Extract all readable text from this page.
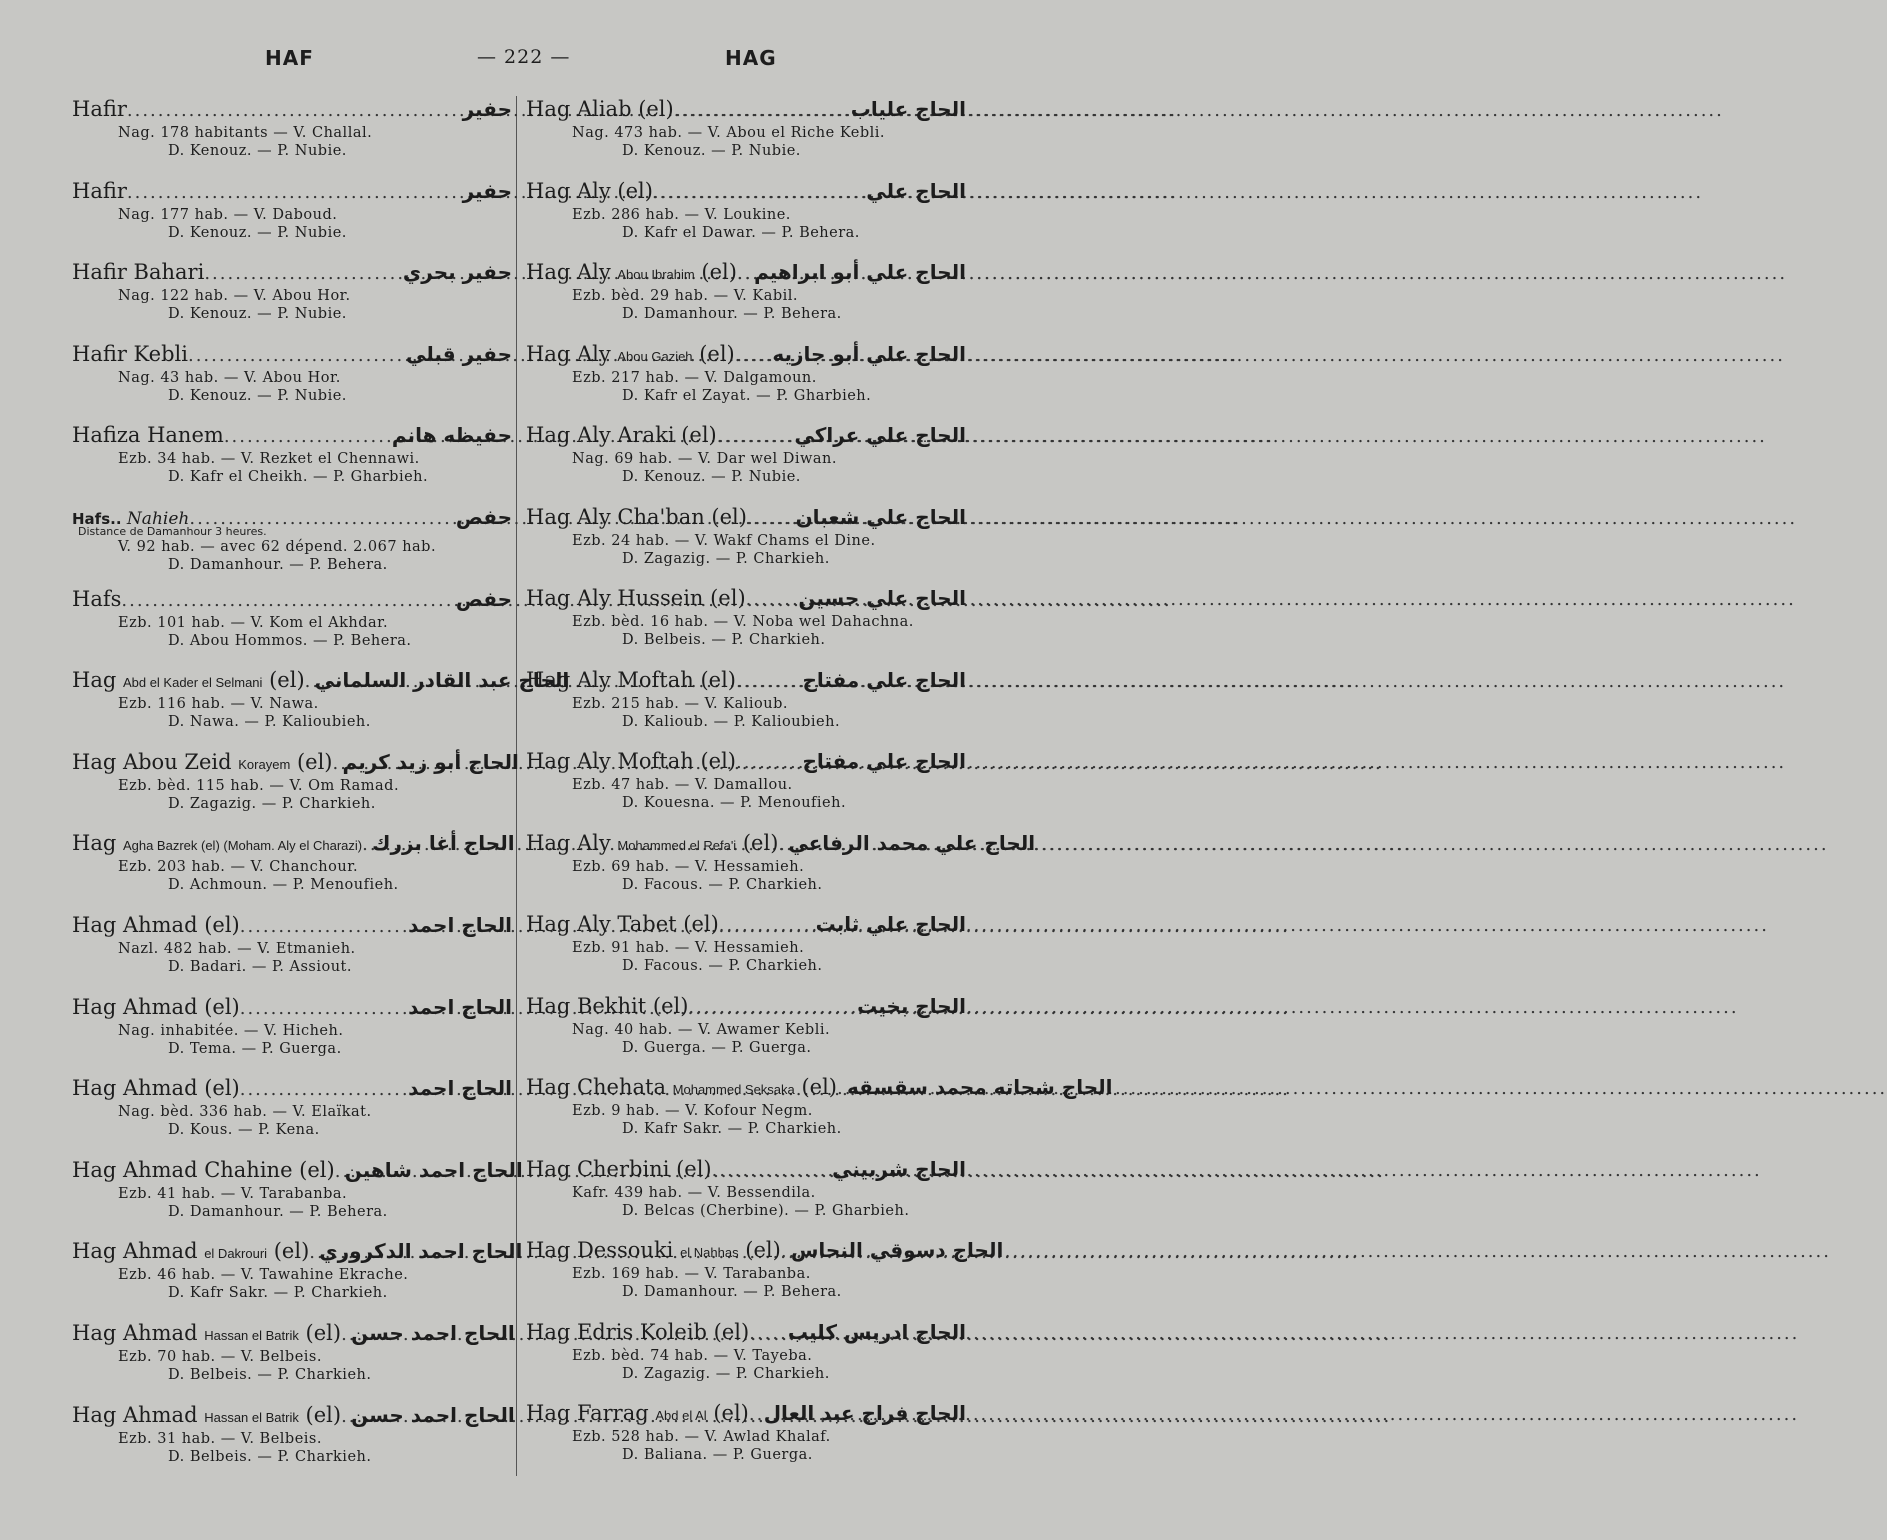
HAF	— 222 —	HAG
Hafir .....	حفير
Nag. 178 habitants — V. Challal.
D. Kenouz. — P. Nubie.
Hafir .....	حفير
Nag. 177 hab. — V. Daboud.
D. Kenouz. — P. Nubie.
Hafir Bahari .....	حفير بحري
Nag. 122 hab. — V. Abou Hor.
D. Kenouz. — P. Nubie.
Hafir Kebli .....	حفير قبلي
Nag. 43 hab. — V. Abou Hor.
D. Kenouz. — P. Nubie.
Hafiza Hanem .....	حفيظه هانم
Ezb. 34 hab. — V. Rezket el Chennawi.
D. Kafr el Cheikh. — P. Gharbieh.
Hafs.. Nahieh .....	حفص
Distance de Damanhour 3 heures.
V. 92 hab. — avec 62 dépend. 2.067 hab.
D. Damanhour. — P. Behera.
Hafs .....	حفص
Ezb. 101 hab. — V. Kom el Akhdar.
D. Abou Hommos. — P. Behera.
Hag Abd el Kader el Selmani (el) ..... الحاج عبد القادر السلماني
Ezb. 116 hab. — V. Nawa.
D. Nawa. — P. Kalioubieh.
Hag Abou Zeid Korayem (el) ..... الحاج أبو زيد كريم
Ezb. bèd. 115 hab. — V. Om Ramad.
D. Zagazig. — P. Charkieh.
Hag Agha Bazrek (el) (Moham. Aly el Charazi) ..... الحاج أغا بزرك
Ezb. 203 hab. — V. Chanchour.
D. Achmoun. — P. Menoufieh.
Hag Ahmad (el) .....	الحاج احمد
Nazl. 482 hab. — V. Etmanieh.
D. Badari. — P. Assiout.
Hag Ahmad (el) .....	الحاج احمد
Nag. inhabitée. — V. Hicheh.
D. Tema. — P. Guerga.
Hag Ahmad (el) .....	الحاج احمد
Nag. bèd. 336 hab. — V. Elaïkat.
D. Kous. — P. Kena.
Hag Ahmad Chahine (el) ..... الحاج احمد شاهين
Ezb. 41 hab. — V. Tarabanba.
D. Damanhour. — P. Behera.
Hag Ahmad el Dakrouri (el) ..... الحاج احمد الدكروري
Ezb. 46 hab. — V. Tawahine Ekrache.
D. Kafr Sakr. — P. Charkieh.
Hag Ahmad Hassan el Batrik (el) ..... الحاج احمد حسن
Ezb. 70 hab. — V. Belbeis.
D. Belbeis. — P. Charkieh.
Hag Ahmad Hassan el Batrik (el) ..... الحاج احمد حسن
Ezb. 31 hab. — V. Belbeis.
D. Belbeis. — P. Charkieh.
Hag Aliab (el) .....	الحاج علياب
Nag. 473 hab. — V. Abou el Riche Kebli.
D. Kenouz. — P. Nubie.
Hag Aly (el) .....	الحاج علي
Ezb. 286 hab. — V. Loukine.
D. Kafr el Dawar. — P. Behera.
Hag Aly Abou Ibrahim (el) ..... الحاج علي أبو ابراهيم
Ezb. bèd. 29 hab. — V. Kabil.
D. Damanhour. — P. Behera.
Hag Aly Abou Gazieh (el) ..... الحاج علي أبو جازيه
Ezb. 217 hab. — V. Dalgamoun.
D. Kafr el Zayat. — P. Gharbieh.
Hag Aly Araki (el) .....	الحاج علي عراكي
Nag. 69 hab. — V. Dar wel Diwan.
D. Kenouz. — P. Nubie.
Hag Aly Cha'ban (el) ..... الحاج علي شعبان
Ezb. 24 hab. — V. Wakf Chams el Dine.
D. Zagazig. — P. Charkieh.
Hag Aly Hussein (el) .....	الحاج علي حسين
Ezb. bèd. 16 hab. — V. Noba wel Dahachna.
D. Belbeis. — P. Charkieh.
Hag Aly Moftah (el) .....	الحاج علي مفتاح
Ezb. 215 hab. — V. Kalioub.
D. Kalioub. — P. Kalioubieh.
Hag Aly Moftah (el) .....	الحاج علي مفتاح
Ezb. 47 hab. — V. Damallou.
D. Kouesna. — P. Menoufieh.
Hag Aly Mohammed el Refa'i (el) ..... الحاج علي محمد الرفاعي
Ezb. 69 hab. — V. Hessamieh.
D. Facous. — P. Charkieh.
Hag Aly Tabet (el) .....	الحاج علي ثابت
Ezb. 91 hab. — V. Hessamieh.
D. Facous. — P. Charkieh.
Hag Bekhit (el) .....	الحاج بخيت
Nag. 40 hab. — V. Awamer Kebli.
D. Guerga. — P. Guerga.
Hag Chehata Mohammed Seksaka (el) ..... الحاج شحاته محمد سقسقه
Ezb. 9 hab. — V. Kofour Negm.
D. Kafr Sakr. — P. Charkieh.
Hag Cherbini (el) .....	الحاج شربيني
Kafr. 439 hab. — V. Bessendila.
D. Belcas (Cherbine). — P. Gharbieh.
Hag Dessouki el Nahhas (el) ..... الحاج دسوقي النحاس
Ezb. 169 hab. — V. Tarabanba.
D. Damanhour. — P. Behera.
Hag Edris Koleib (el) ..... الحاج ادريس كليب
Ezb. bèd. 74 hab. — V. Tayeba.
D. Zagazig. — P. Charkieh.
Hag Farrag Abd el Al (el) ..... الحاج فراج عبد العال
Ezb. 528 hab. — V. Awlad Khalaf.
D. Baliana. — P. Guerga.
